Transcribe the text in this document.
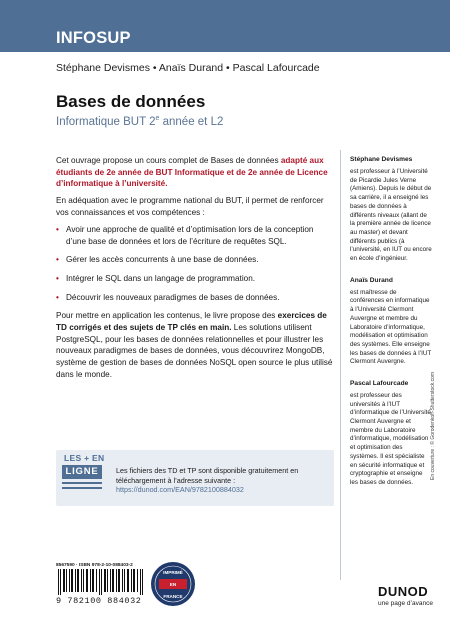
INFOSUP
Stéphane Devismes • Anaïs Durand • Pascal Lafourcade
Bases de données
Informatique BUT 2e année et L2

Cet ouvrage propose un cours complet de Bases de données adapté aux étudiants de 2e année de BUT Informatique et de 2e année de Licence d’informatique à l’université.

En adéquation avec le programme national du BUT, il permet de renforcer vos connaissances et vos compétences :

• Avoir une approche de qualité et d’optimisation lors de la conception d’une base de données et lors de l’écriture de requêtes SQL.
• Gérer les accès concurrents à une base de données.
• Intégrer le SQL dans un langage de programmation.
• Découvrir les nouveaux paradigmes de bases de données.

Pour mettre en application les contenus, le livre propose des exercices de TD corrigés et des sujets de TP clés en main. Les solutions utilisent PostgreSQL, pour les bases de données relationnelles et pour illustrer les nouveaux paradigmes de bases de données, vous découvrirez MongoDB, système de gestion de bases de données NoSQL open source le plus utilisé dans le monde.

Stéphane Devismes
est professeur à l’Université de Picardie Jules Verne (Amiens). Depuis le début de sa carrière, il a enseigné les bases de données à différents niveaux (allant de la première année de licence au master) et devant différents publics (à l’université, en IUT ou encore en école d’ingénieur.
Anaïs Durand
est maîtresse de conférences en informatique à l’Université Clermont Auvergne et membre du Laboratoire d’informatique, modélisation et optimisation des systèmes. Elle enseigne les bases de données à l’IUT Clermont Auvergne.
Pascal Lafourcade
est professeur des universités à l’IUT d’informatique de l’Université Clermont Auvergne et membre du Laboratoire d’informatique, modélisation et optimisation des systèmes. Il est spécialiste en sécurité informatique et cryptographie et enseigne les bases de données.
En couverture : © Gorodenkoff-Shutterstock.com
LES + EN
LIGNE	Les fichiers des TD et TP sont disponible gratuitement en téléchargement à l’adresse suivante :
https://dunod.com/EAN/9782100884032
8567590 · ISBN 978-2-10-088403-2
9 782100 884032
IMPRIMÉ
EN
FRANCE	DUNOD
une page d’avance
